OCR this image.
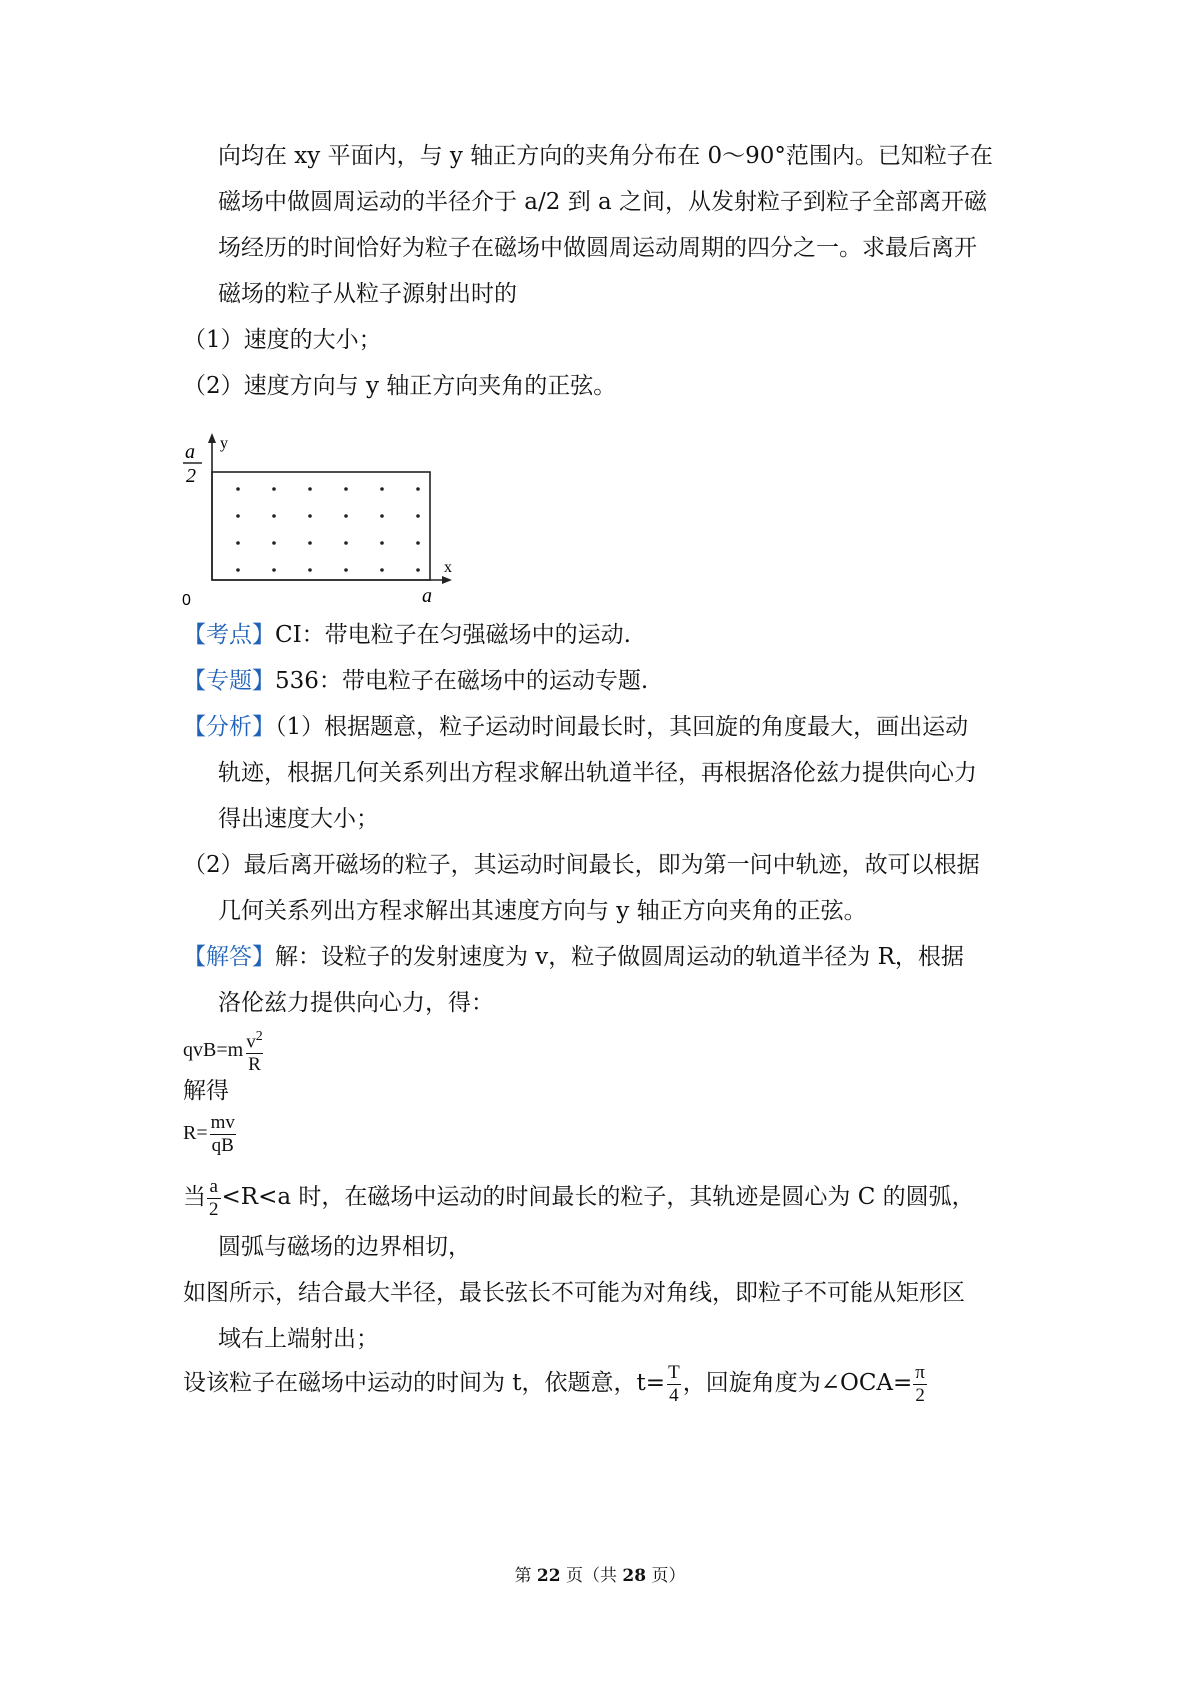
向均在 xy 平面内，与 y 轴正方向的夹角分布在 0～90°范围内。已知粒子在
磁场中做圆周运动的半径介于 a/2 到 a 之间，从发射粒子到粒子全部离开磁
场经历的时间恰好为粒子在磁场中做圆周运动周期的四分之一。求最后离开
磁场的粒子从粒子源射出时的
（1）速度的大小；
（2）速度方向与 y 轴正方向夹角的正弦。
y
x
0	a
a
2
【考点】CI：带电粒子在匀强磁场中的运动.
【专题】536：带电粒子在磁场中的运动专题.
【分析】（1）根据题意，粒子运动时间最长时，其回旋的角度最大，画出运动
轨迹，根据几何关系列出方程求解出轨道半径，再根据洛伦兹力提供向心力
得出速度大小；
（2）最后离开磁场的粒子，其运动时间最长，即为第一问中轨迹，故可以根据
几何关系列出方程求解出其速度方向与 y 轴正方向夹角的正弦。
【解答】解：设粒子的发射速度为 v，粒子做圆周运动的轨道半径为 R，根据
洛伦兹力提供向心力，得：
$qvB=m \frac{v^2}{R}$
解得
$R= \frac{mv}{qB}$
当 $\frac{a}{2} <R<a$ 时，在磁场中运动的时间最长的粒子，其轨迹是圆心为 C 的圆弧，
圆弧与磁场的边界相切，
如图所示，结合最大半径，最长弦长不可能为对角线，即粒子不可能从矩形区
域右上端射出；
设该粒子在磁场中运动的时间为 t，依题意，$t= \frac{T}{4}$ ，回旋角度为∠OCA= $\frac{\pi}{2}$
第 22 页（共 28 页）
